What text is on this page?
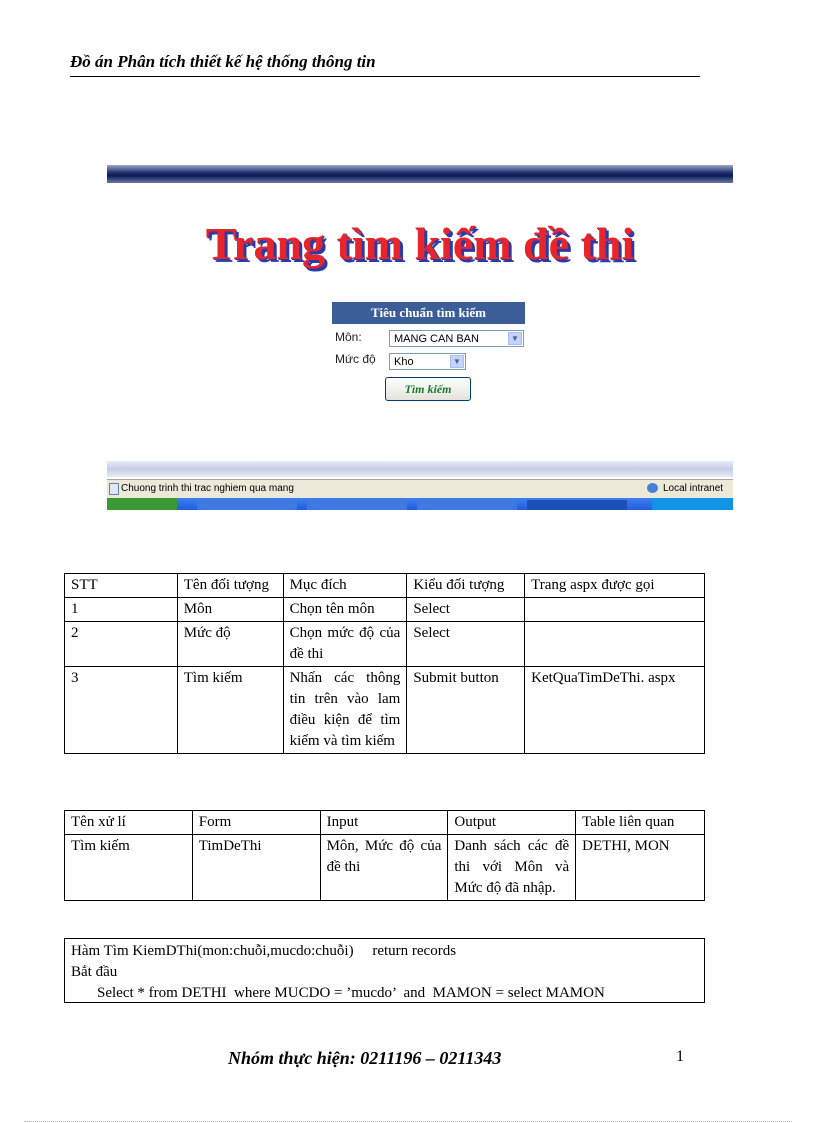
Đồ án Phân tích thiết kế hệ thống thông tin
Trang tìm kiếm đề thi
Tiêu chuẩn tìm kiếm
Môn:	MANG CAN BAN	▼
Mức độ	Kho	▼
Tìm kiếm
Chuong trinh thi trac nghiem qua mang	Local intranet
STT	Tên đối tượng	Mục đích	Kiểu đối tượng	Trang aspx được gọi
1	Môn	Chọn tên môn	Select	
2	Mức độ	Chọn mức độ của đề thi	Select	
3	Tìm kiếm	Nhấn các thông tin trên vào lam điều kiện để tìm kiếm và tìm kiếm	Submit button	KetQuaTimDeThi. aspx
Tên xử lí	Form	Input	Output	Table liên quan
Tìm kiếm	TimDeThi	Môn, Mức độ của đề thi	Danh sách các đề thi với Môn và Mức độ đã nhập.	DETHI, MON
Hàm Tìm KiemDThi(mon:chuỗi,mucdo:chuỗi)     return records
Bắt đầu
Select * from DETHI  where MUCDO = ’mucdo’  and  MAMON = select MAMON
Nhóm thực hiện: 0211196 – 0211343	1
